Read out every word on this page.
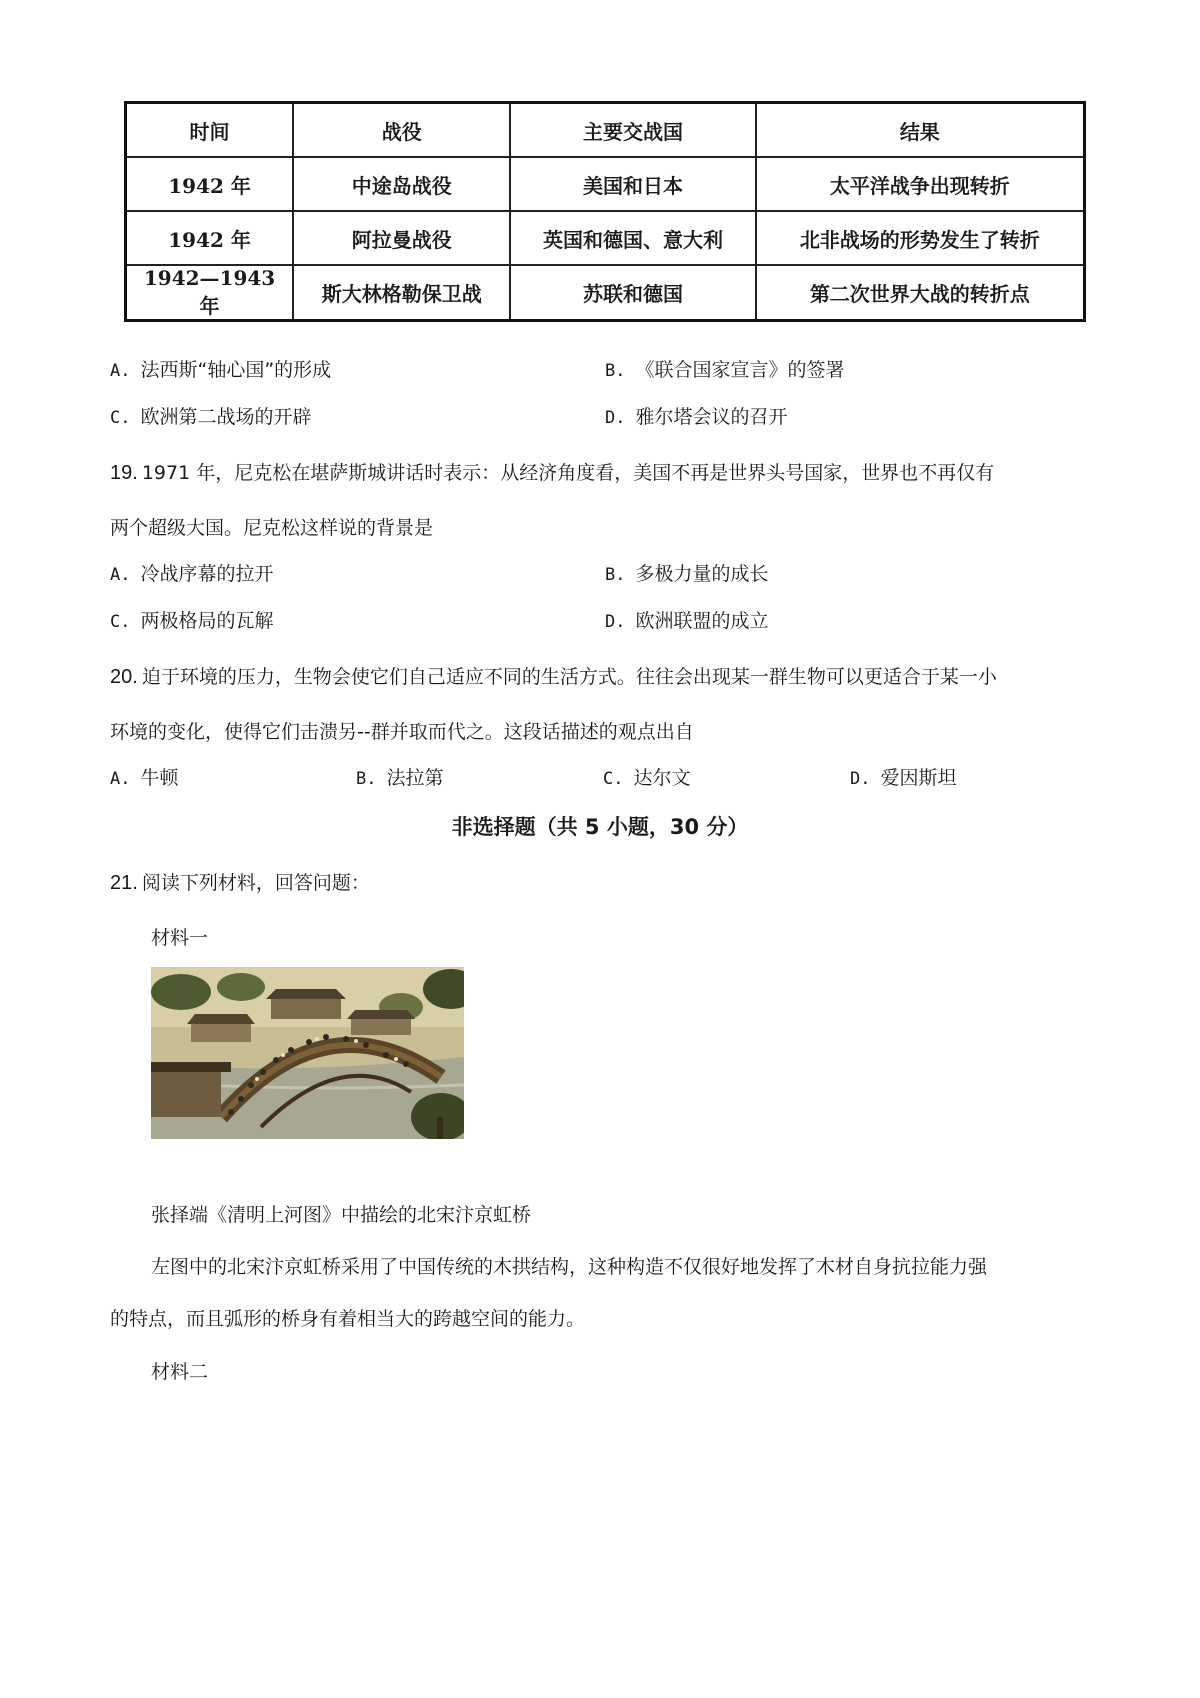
时间	战役	主要交战国	结果
1942 年	中途岛战役	美国和日本	太平洋战争出现转折
1942 年	阿拉曼战役	英国和德国、意大利	北非战场的形势发生了转折
1942—1943 年	斯大林格勒保卫战	苏联和德国	第二次世界大战的转折点
A. 法西斯“轴心国”的形成	B. 《联合国家宣言》的签署
C. 欧洲第二战场的开辟	D. 雅尔塔会议的召开
19. 1971 年，尼克松在堪萨斯城讲话时表示：从经济角度看，美国不再是世界头号国家，世界也不再仅有
两个超级大国。尼克松这样说的背景是
A. 冷战序幕的拉开	B. 多极力量的成长
C. 两极格局的瓦解	D. 欧洲联盟的成立
20. 迫于环境的压力，生物会使它们自己适应不同的生活方式。往往会出现某一群生物可以更适合于某一小
环境的变化，使得它们击溃另--群并取而代之。这段话描述的观点出自
A. 牛顿	B. 法拉第	C. 达尔文	D. 爱因斯坦
非选择题（共 5 小题，30 分）
21. 阅读下列材料，回答问题：
材料一
张择端《清明上河图》中描绘的北宋汴京虹桥
左图中的北宋汴京虹桥采用了中国传统的木拱结构，这种构造不仅很好地发挥了木材自身抗拉能力强
的特点，而且弧形的桥身有着相当大的跨越空间的能力。
材料二
